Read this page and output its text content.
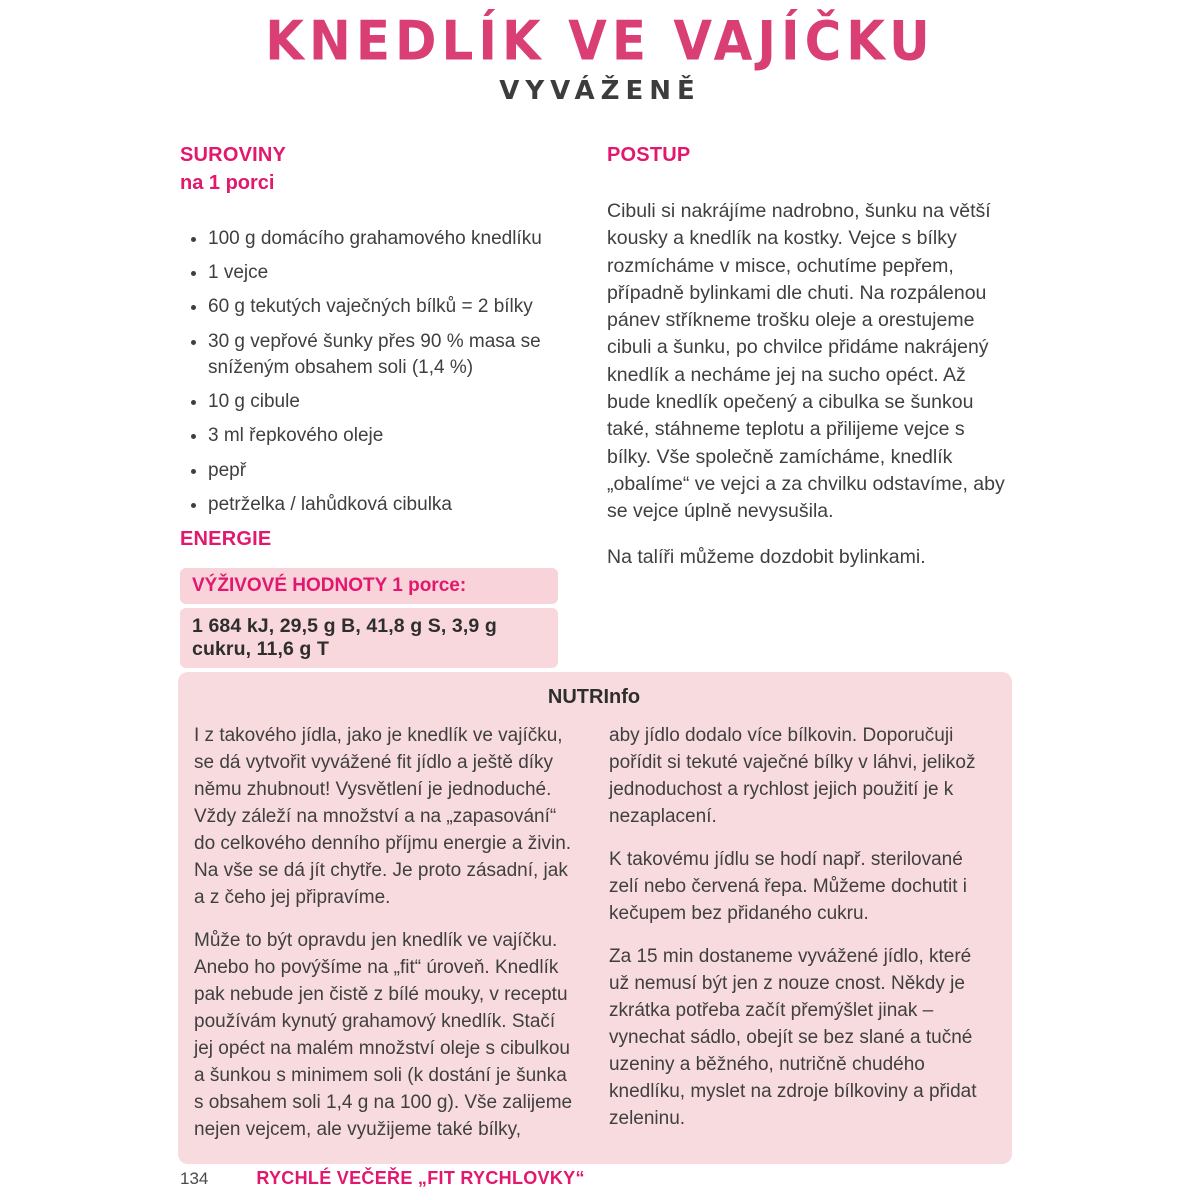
KNEDLÍK VE VAJÍČKU
VYVÁŽENĚ
SUROVINY
na 1 porci
• 100 g domácího grahamového knedlíku
• 1 vejce
• 60 g tekutých vaječných bílků = 2 bílky
• 30 g vepřové šunky přes 90 % masa se sníženým obsahem soli (1,4 %)
• 10 g cibule
• 3 ml řepkového oleje
• pepř
• petrželka / lahůdková cibulka
ENERGIE
VÝŽIVOVÉ HODNOTY 1 porce:
1 684 kJ, 29,5 g B, 41,8 g S, 3,9 g cukru, 11,6 g T
POSTUP

Cibuli si nakrájíme nadrobno, šunku na větší kousky a knedlík na kostky. Vejce s bílky rozmícháme v misce, ochutíme pepřem, případně bylinkami dle chuti. Na rozpálenou pánev stříkneme trošku oleje a orestujeme cibuli a šunku, po chvilce přidáme nakrájený knedlík a necháme jej na sucho opéct. Až bude knedlík opečený a cibulka se šunkou také, stáhneme teplotu a přilijeme vejce s bílky. Vše společně zamícháme, knedlík „obalíme“ ve vejci a za chvilku odstavíme, aby se vejce úplně nevysušila.

Na talíři můžeme dozdobit bylinkami.

NUTRInfo

I z takového jídla, jako je knedlík ve vajíčku, se dá vytvořit vyvážené fit jídlo a ještě díky němu zhubnout! Vysvětlení je jednoduché. Vždy záleží na množství a na „zapasování“ do celkového denního příjmu energie a živin. Na vše se dá jít chytře. Je proto zásadní, jak a z čeho jej připravíme.

Může to být opravdu jen knedlík ve vajíčku. Anebo ho povýšíme na „fit“ úroveň. Knedlík pak nebude jen čistě z bílé mouky, v receptu používám kynutý grahamový knedlík. Stačí jej opéct na malém množství oleje s cibulkou a šunkou s minimem soli (k dostání je šunka s obsahem soli 1,4 g na 100 g). Vše zalijeme nejen vejcem, ale využijeme také bílky,

aby jídlo dodalo více bílkovin. Doporučuji pořídit si tekuté vaječné bílky v láhvi, jelikož jednoduchost a rychlost jejich použití je k nezaplacení.

K takovému jídlu se hodí např. sterilované zelí nebo červená řepa. Můžeme dochutit i kečupem bez přidaného cukru.

Za 15 min dostaneme vyvážené jídlo, které už nemusí být jen z nouze cnost. Někdy je zkrátka potřeba začít přemýšlet jinak – vynechat sádlo, obejít se bez slané a tučné uzeniny a běžného, nutričně chudého knedlíku, myslet na zdroje bílkoviny a přidat zeleninu.

134	RYCHLÉ VEČEŘE „FIT RYCHLOVKY“
